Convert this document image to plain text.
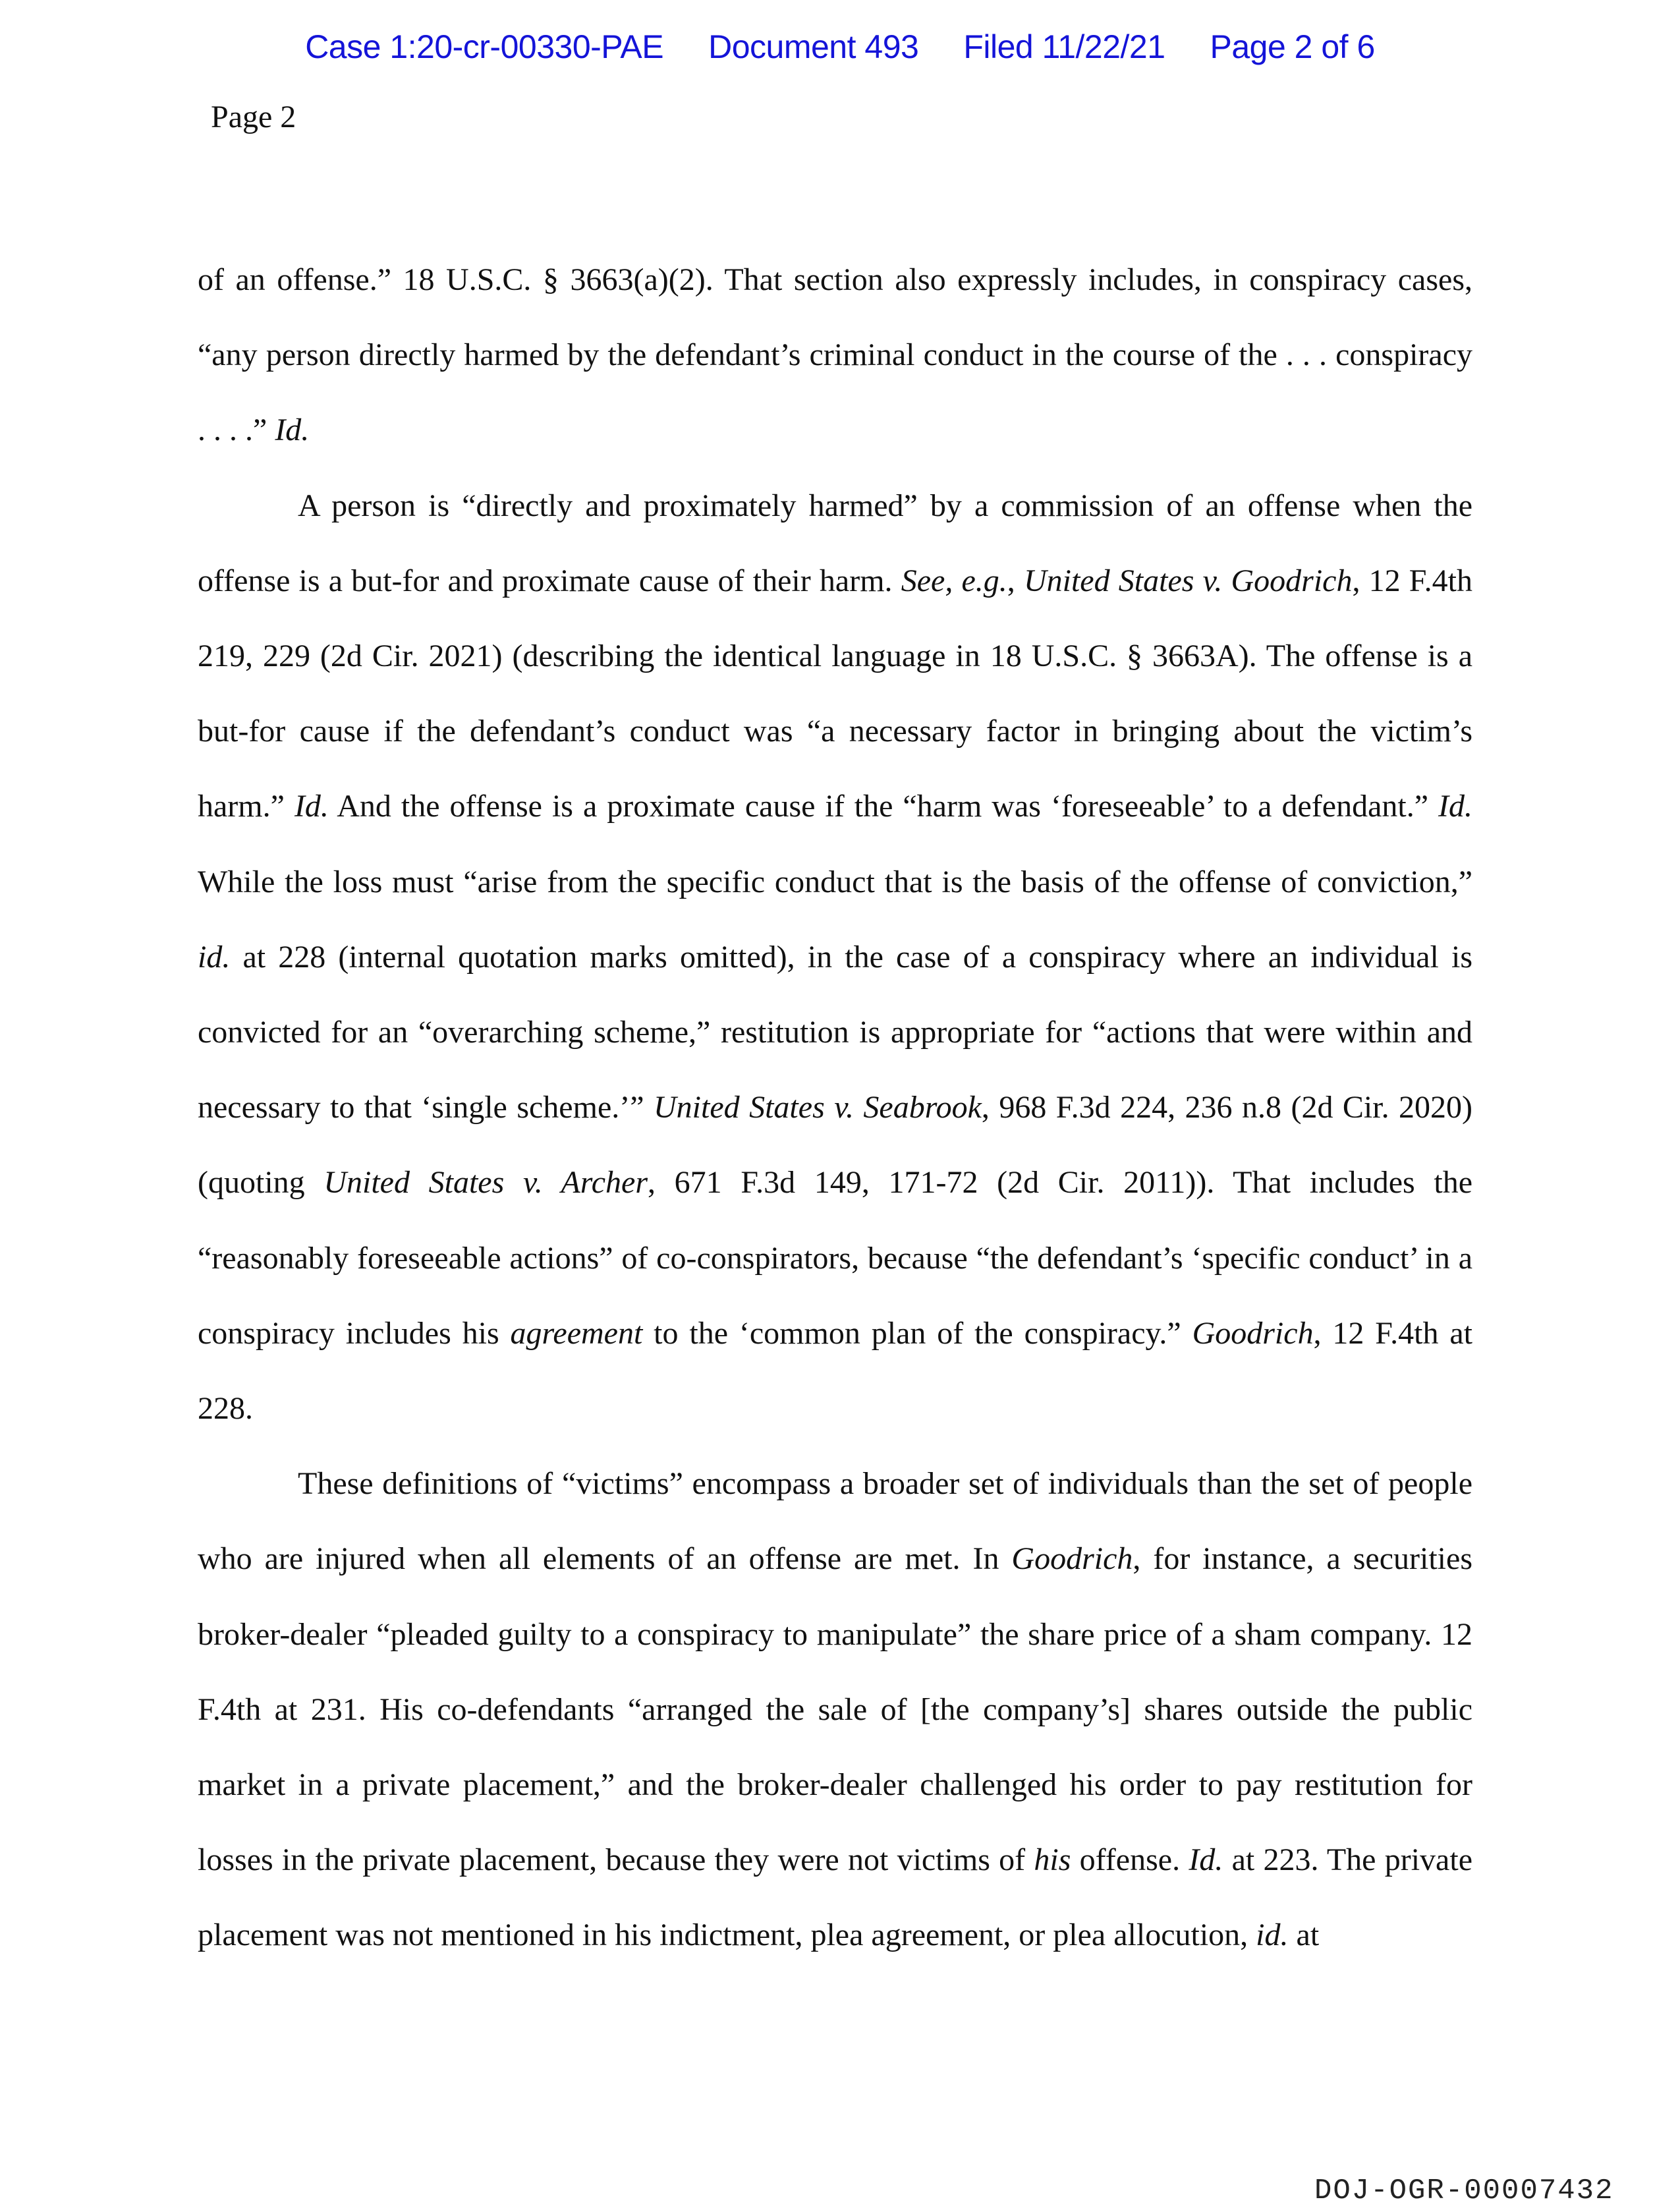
Case 1:20-cr-00330-PAE Document 493 Filed 11/22/21 Page 2 of 6
Page 2

of an offense.” 18 U.S.C. § 3663(a)(2). That section also expressly includes, in conspiracy cases, “any person directly harmed by the defendant’s criminal conduct in the course of the . . . conspiracy . . . .” Id.

A person is “directly and proximately harmed” by a commission of an offense when the offense is a but-for and proximate cause of their harm. See, e.g., United States v. Goodrich, 12 F.4th 219, 229 (2d Cir. 2021) (describing the identical language in 18 U.S.C. § 3663A). The offense is a but-for cause if the defendant’s conduct was “a necessary factor in bringing about the victim’s harm.” Id. And the offense is a proximate cause if the “harm was ‘foreseeable’ to a defendant.” Id. While the loss must “arise from the specific conduct that is the basis of the offense of conviction,” id. at 228 (internal quotation marks omitted), in the case of a conspiracy where an individual is convicted for an “overarching scheme,” restitution is appropriate for “actions that were within and necessary to that ‘single scheme.’” United States v. Seabrook, 968 F.3d 224, 236 n.8 (2d Cir. 2020) (quoting United States v. Archer, 671 F.3d 149, 171-72 (2d Cir. 2011)). That includes the “reasonably foreseeable actions” of co-conspirators, because “the defendant’s ‘specific conduct’ in a conspiracy includes his agreement to the ‘common plan of the conspiracy.” Goodrich, 12 F.4th at 228.

These definitions of “victims” encompass a broader set of individuals than the set of people who are injured when all elements of an offense are met. In Goodrich, for instance, a securities broker-dealer “pleaded guilty to a conspiracy to manipulate” the share price of a sham company. 12 F.4th at 231. His co-defendants “arranged the sale of [the company’s] shares outside the public market in a private placement,” and the broker-dealer challenged his order to pay restitution for losses in the private placement, because they were not victims of his offense. Id. at 223. The private placement was not mentioned in his indictment, plea agreement, or plea allocution, id. at

DOJ-OGR-00007432
